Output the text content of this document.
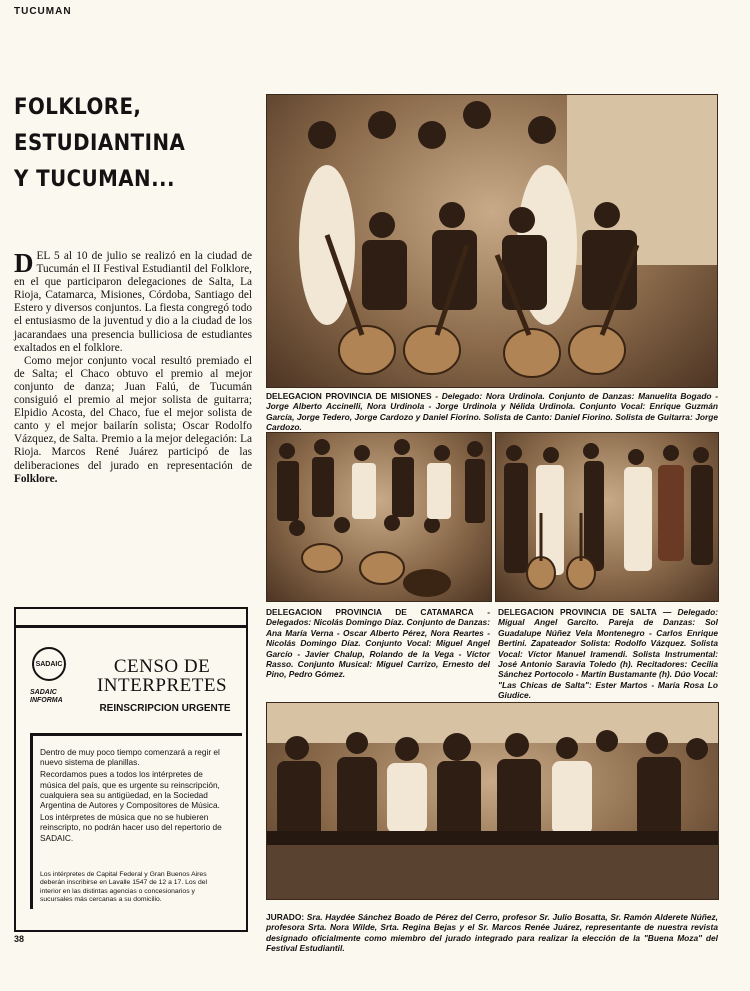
TUCUMAN
FOLKLORE,
ESTUDIANTINA
Y TUCUMAN...

DEL 5 al 10 de julio se realizó en la ciudad de Tucumán el II Festival Estudiantil del Folklore, en el que participaron delegaciones de Salta, La Rioja, Catamarca, Misiones, Córdoba, Santiago del Estero y diversos conjuntos. La fiesta congregó todo el entusiasmo de la juventud y dio a la ciudad de los jacarandaes una presencia bulliciosa de estudiantes exaltados en el folklore.

Como mejor conjunto vocal resultó premiado el de Salta; el Chaco obtuvo el premio al mejor conjunto de danza; Juan Falú, de Tucumán consiguió el premio al mejor solista de guitarra; Elpidio Acosta, del Chaco, fue el mejor solista de canto y el mejor bailarín solista; Oscar Rodolfo Vázquez, de Salta. Premio a la mejor delegación: La Rioja. Marcos René Juárez participó de las deliberaciones del jurado en representación de Folklore.

DELEGACION PROVINCIA DE MISIONES - Delegado: Nora Urdinola. Conjunto de Danzas: Manuelita Bogado - Jorge Alberto Accinelli, Nora Urdinola - Jorge Urdinola y Nélida Urdinola. Conjunto Vocal: Enrique Guzmán García, Jorge Tedero, Jorge Cardozo y Daniel Fiorino. Solista de Canto: Daniel Fiorino. Solista de Guitarra: Jorge Cardozo.
DELEGACION PROVINCIA DE CATAMARCA - Delegados: Nicolás Domingo Díaz. Conjunto de Danzas: Ana María Verna - Oscar Alberto Pérez, Nora Reartes - Nicolás Domingo Díaz. Conjunto Vocal: Miguel Angel Garcío - Javier Chalup, Rolando de la Vega - Víctor Rasso. Conjunto Musical: Miguel Carrizo, Ernesto del Pino, Pedro Gómez.
DELEGACION PROVINCIA DE SALTA — Delegado: Migual Angel Garcito. Pareja de Danzas: Sol Guadalupe Núñez Vela Montenegro - Carlos Enrique Bertini. Zapateador Solista: Rodolfo Vázquez. Solista Vocal: Víctor Manuel Iramendi. Solista Instrumental: José Antonio Saravia Toledo (h). Recitadores: Cecilia Sánchez Portocolo - Martín Bustamante (h). Dúo Vocal: "Las Chicas de Salta": Ester Martos - María Rosa Lo Giudice.
JURADO: Sra. Haydée Sánchez Boado de Pérez del Cerro, profesor Sr. Julio Bosatta, Sr. Ramón Alderete Núñez, profesora Srta. Nora Wilde, Srta. Regina Bejas y el Sr. Marcos Renée Juárez, representante de nuestra revista designado oficialmente como miembro del jurado integrado para realizar la elección de la "Buena Moza" del Festival Estudiantil.
SADAIC
SADAIC INFORMA
CENSO DE
INTERPRETES
REINSCRIPCION URGENTE

Dentro de muy poco tiempo comenzará a regir el nuevo sistema de planillas.

Recordamos pues a todos los intérpretes de música del país, que es urgente su reinscripción, cualquiera sea su antigüedad, en la Sociedad Argentina de Autores y Compositores de Música.

Los intérpretes de música que no se hubieren reinscripto, no podrán hacer uso del repertorio de SADAIC.

Los intérpretes de Capital Federal y Gran Buenos Aires deberán inscribirse en Lavalle 1547 de 12 a 17. Los del interior en las distintas agencias o concesionarios y sucursales más cercanas a su domicilio.
38
